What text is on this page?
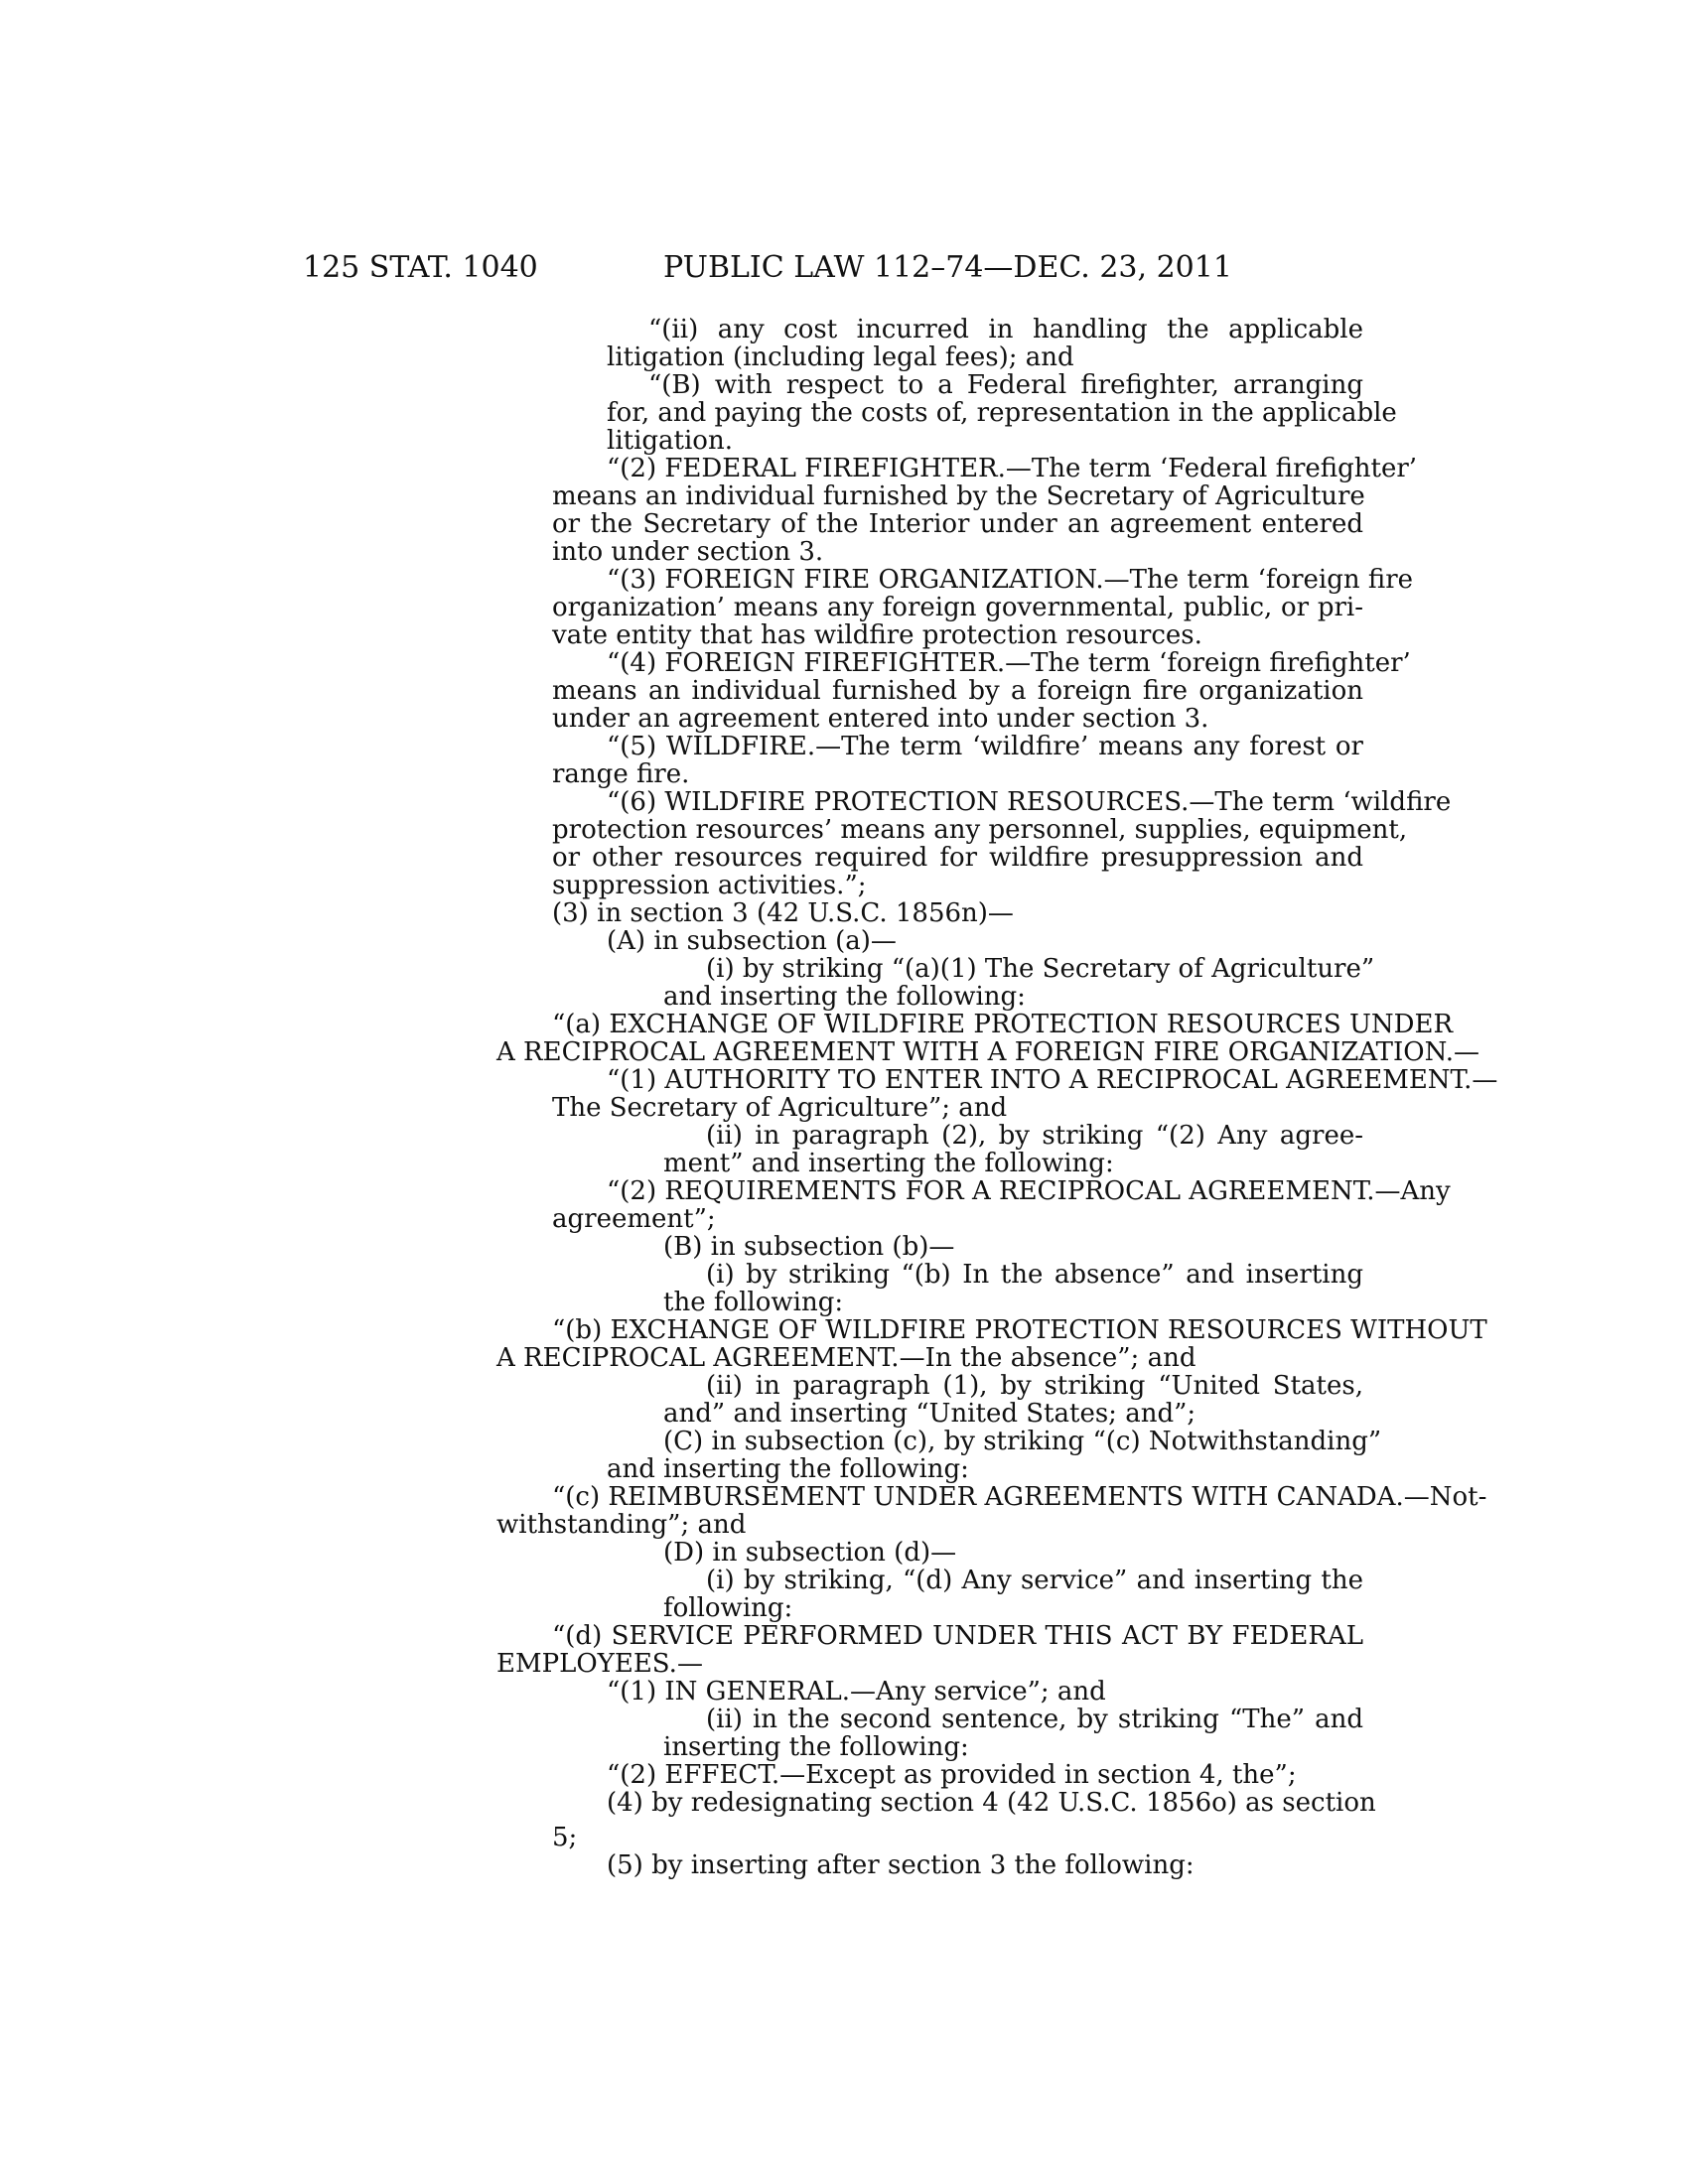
125 STAT. 1040	PUBLIC LAW 112–74—DEC. 23, 2011
“(ii) any cost incurred in handling the applicable
litigation (including legal fees); and
“(B) with respect to a Federal firefighter, arranging
for, and paying the costs of, representation in the applicable
litigation.
“(2) FEDERAL FIREFIGHTER.—The term ‘Federal firefighter’
means an individual furnished by the Secretary of Agriculture
or the Secretary of the Interior under an agreement entered
into under section 3.
“(3) FOREIGN FIRE ORGANIZATION.—The term ‘foreign fire
organization’ means any foreign governmental, public, or pri-
vate entity that has wildfire protection resources.
“(4) FOREIGN FIREFIGHTER.—The term ‘foreign firefighter’
means an individual furnished by a foreign fire organization
under an agreement entered into under section 3.
“(5) WILDFIRE.—The term ‘wildfire’ means any forest or
range fire.
“(6) WILDFIRE PROTECTION RESOURCES.—The term ‘wildfire
protection resources’ means any personnel, supplies, equipment,
or other resources required for wildfire presuppression and
suppression activities.”;
(3) in section 3 (42 U.S.C. 1856n)—
(A) in subsection (a)—
(i) by striking “(a)(1) The Secretary of Agriculture”
and inserting the following:
“(a) EXCHANGE OF WILDFIRE PROTECTION RESOURCES UNDER
A RECIPROCAL AGREEMENT WITH A FOREIGN FIRE ORGANIZATION.—
“(1) AUTHORITY TO ENTER INTO A RECIPROCAL AGREEMENT.—
The Secretary of Agriculture”; and
(ii) in paragraph (2), by striking “(2) Any agree-
ment” and inserting the following:
“(2) REQUIREMENTS FOR A RECIPROCAL AGREEMENT.—Any
agreement”;
(B) in subsection (b)—
(i) by striking “(b) In the absence” and inserting
the following:
“(b) EXCHANGE OF WILDFIRE PROTECTION RESOURCES WITHOUT
A RECIPROCAL AGREEMENT.—In the absence”; and
(ii) in paragraph (1), by striking “United States,
and” and inserting “United States; and”;
(C) in subsection (c), by striking “(c) Notwithstanding”
and inserting the following:
“(c) REIMBURSEMENT UNDER AGREEMENTS WITH CANADA.—Not-
withstanding”; and
(D) in subsection (d)—
(i) by striking, “(d) Any service” and inserting the
following:
“(d) SERVICE PERFORMED UNDER THIS ACT BY FEDERAL
EMPLOYEES.—
“(1) IN GENERAL.—Any service”; and
(ii) in the second sentence, by striking “The” and
inserting the following:
“(2) EFFECT.—Except as provided in section 4, the”;
(4) by redesignating section 4 (42 U.S.C. 1856o) as section
5;
(5) by inserting after section 3 the following:
